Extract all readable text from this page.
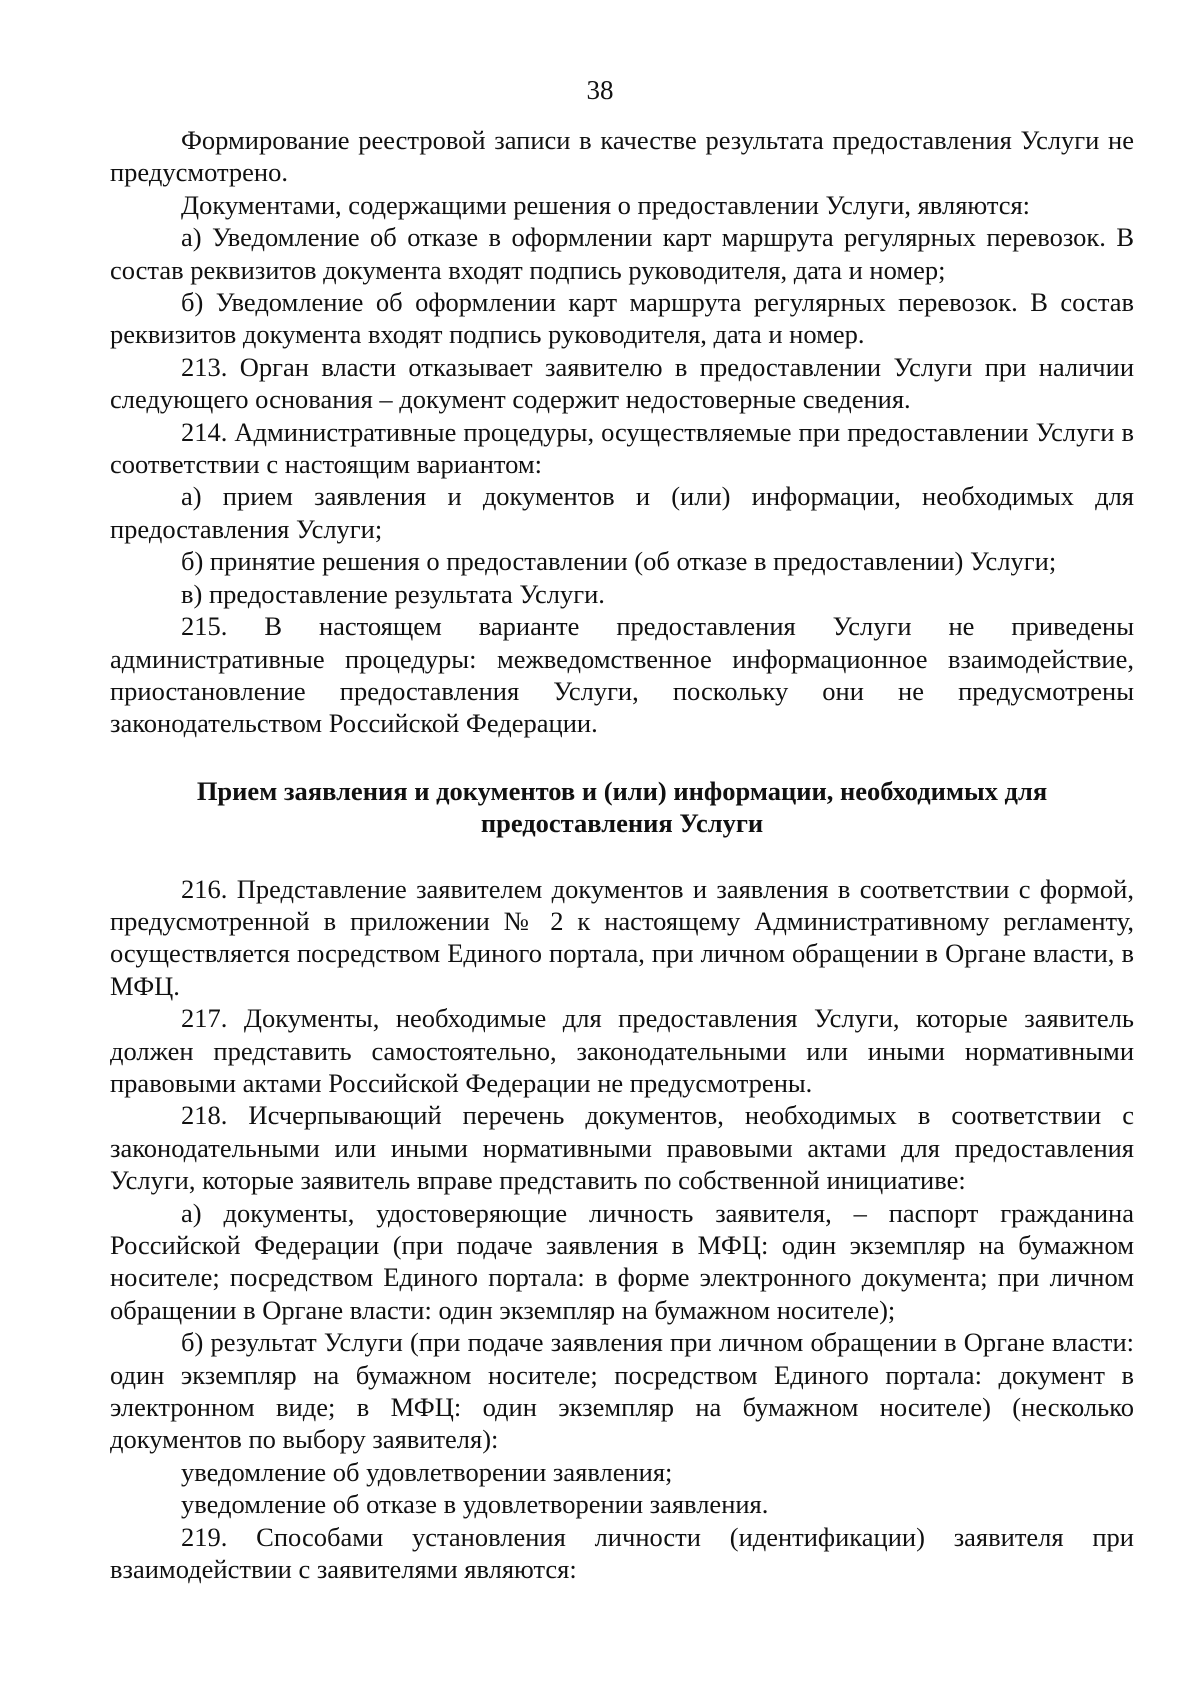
38

Формирование реестровой записи в качестве результата предоставления Услуги не предусмотрено.

Документами, содержащими решения о предоставлении Услуги, являются:

а) Уведомление об отказе в оформлении карт маршрута регулярных перевозок. В состав реквизитов документа входят подпись руководителя, дата и номер;

б) Уведомление об оформлении карт маршрута регулярных перевозок. В состав реквизитов документа входят подпись руководителя, дата и номер.

213. Орган власти отказывает заявителю в предоставлении Услуги при наличии следующего основания – документ содержит недостоверные сведения.

214. Административные процедуры, осуществляемые при предоставлении Услуги в соответствии с настоящим вариантом:

а) прием заявления и документов и (или) информации, необходимых для предоставления Услуги;

б) принятие решения о предоставлении (об отказе в предоставлении) Услуги;

в) предоставление результата Услуги.

215. В настоящем варианте предоставления Услуги не приведены административные процедуры: межведомственное информационное взаимодействие, приостановление предоставления Услуги, поскольку они не предусмотрены законодательством Российской Федерации.

Прием заявления и документов и (или) информации, необходимых для предоставления Услуги

216. Представление заявителем документов и заявления в соответствии с формой, предусмотренной в приложении № 2 к настоящему Административному регламенту, осуществляется посредством Единого портала, при личном обращении в Органе власти, в МФЦ.

217. Документы, необходимые для предоставления Услуги, которые заявитель должен представить самостоятельно, законодательными или иными нормативными правовыми актами Российской Федерации не предусмотрены.

218. Исчерпывающий перечень документов, необходимых в соответствии с законодательными или иными нормативными правовыми актами для предоставления Услуги, которые заявитель вправе представить по собственной инициативе:

а) документы, удостоверяющие личность заявителя, – паспорт гражданина Российской Федерации (при подаче заявления в МФЦ: один экземпляр на бумажном носителе; посредством Единого портала: в форме электронного документа; при личном обращении в Органе власти: один экземпляр на бумажном носителе);

б) результат Услуги (при подаче заявления при личном обращении в Органе власти: один экземпляр на бумажном носителе; посредством Единого портала: документ в электронном виде; в МФЦ: один экземпляр на бумажном носителе) (несколько документов по выбору заявителя):

уведомление об удовлетворении заявления;

уведомление об отказе в удовлетворении заявления.

219. Способами установления личности (идентификации) заявителя при взаимодействии с заявителями являются:
